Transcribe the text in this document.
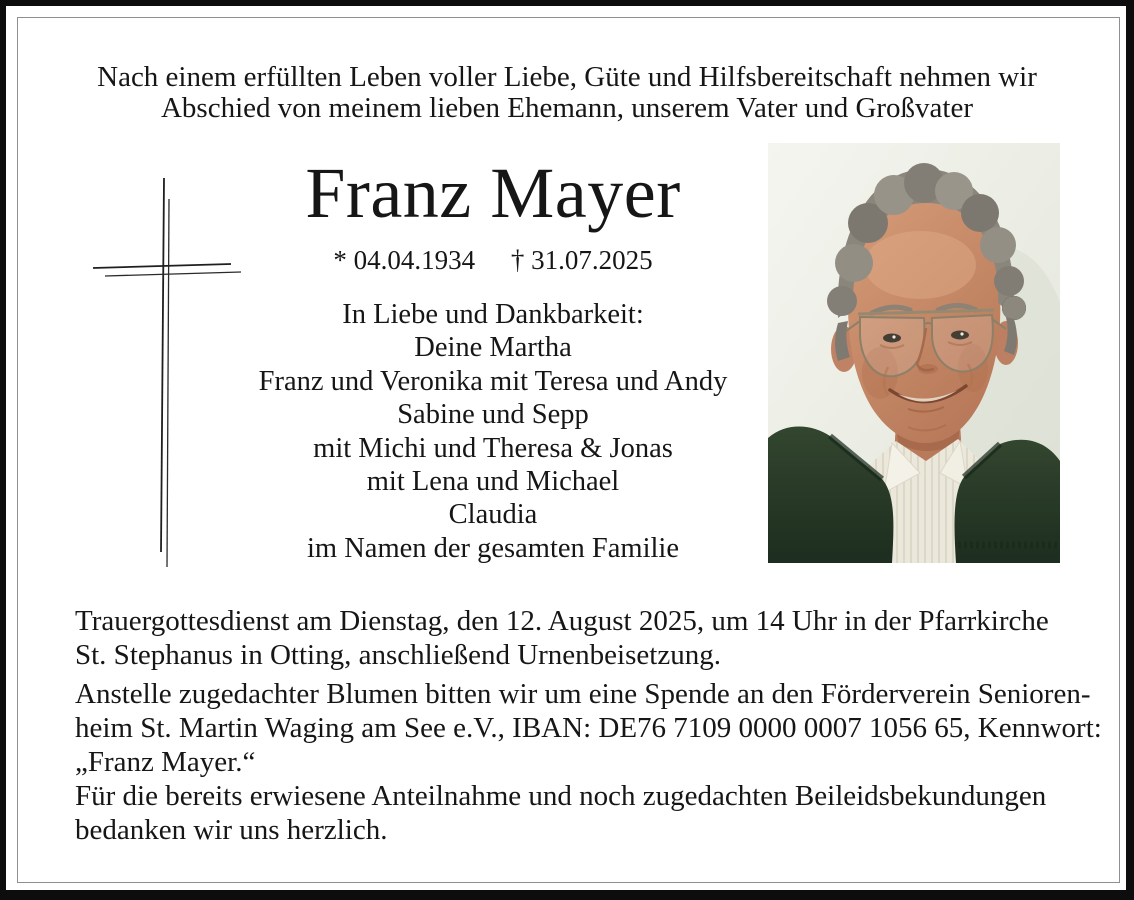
Nach einem erfüllten Leben voller Liebe, Güte und Hilfsbereitschaft nehmen wir
Abschied von meinem lieben Ehemann, unserem Vater und Großvater
Franz Mayer
* 04.04.1934 † 31.07.2025
In Liebe und Dankbarkeit:
Deine Martha
Franz und Veronika mit Teresa und Andy
Sabine und Sepp
mit Michi und Theresa & Jonas
mit Lena und Michael
Claudia
im Namen der gesamten Familie
Trauergottesdienst am Dienstag, den 12. August 2025, um 14 Uhr in der Pfarrkirche
St. Stephanus in Otting, anschließend Urnenbeisetzung.
Anstelle zugedachter Blumen bitten wir um eine Spende an den Förderverein Senioren-
heim St. Martin Waging am See e.V., IBAN: DE76 7109 0000 0007 1056 65, Kennwort:
„Franz Mayer.“
Für die bereits erwiesene Anteilnahme und noch zugedachten Beileidsbekundungen
bedanken wir uns herzlich.
